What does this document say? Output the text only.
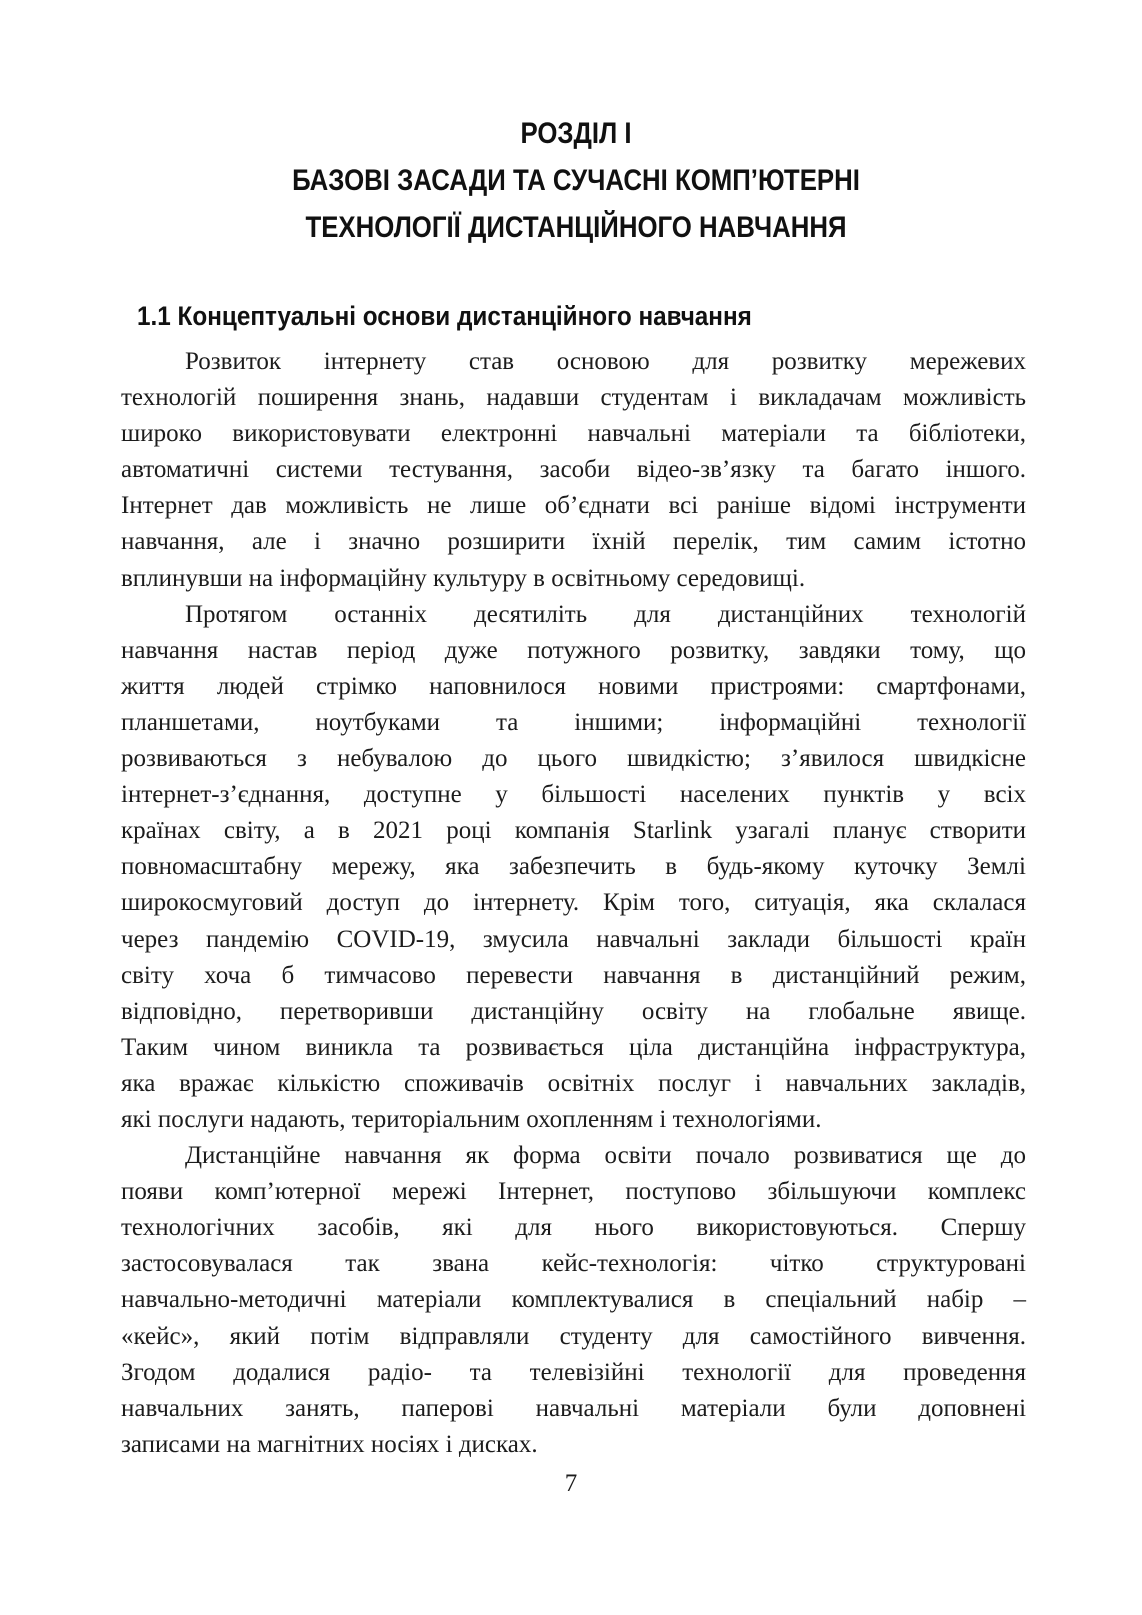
РОЗДІЛ І
БАЗОВІ ЗАСАДИ ТА СУЧАСНІ КОМП’ЮТЕРНІ
ТЕХНОЛОГІЇ ДИСТАНЦІЙНОГО НАВЧАННЯ
1.1 Концептуальні основи дистанційного навчання
Розвиток інтернету став основою для розвитку мережевих
технологій поширення знань, надавши студентам і викладачам можливість
широко використовувати електронні навчальні матеріали та бібліотеки,
автоматичні системи тестування, засоби відео-зв’язку та багато іншого.
Інтернет дав можливість не лише об’єднати всі раніше відомі інструменти
навчання, але і значно розширити їхній перелік, тим самим істотно
вплинувши на інформаційну культуру в освітньому середовищі.
Протягом останніх десятиліть для дистанційних технологій
навчання настав період дуже потужного розвитку, завдяки тому, що
життя людей стрімко наповнилося новими пристроями: смартфонами,
планшетами, ноутбуками та іншими; інформаційні технології
розвиваються з небувалою до цього швидкістю; з’явилося швидкісне
інтернет-з’єднання, доступне у більшості населених пунктів у всіх
країнах світу, а в 2021 році компанія Starlink узагалі планує створити
повномасштабну мережу, яка забезпечить в будь-якому куточку Землі
широкосмуговий доступ до інтернету. Крім того, ситуація, яка склалася
через пандемію COVID-19, змусила навчальні заклади більшості країн
світу хоча б тимчасово перевести навчання в дистанційний режим,
відповідно, перетворивши дистанційну освіту на глобальне явище.
Таким чином виникла та розвивається ціла дистанційна інфраструктура,
яка вражає кількістю споживачів освітніх послуг і навчальних закладів,
які послуги надають, територіальним охопленням і технологіями.
Дистанційне навчання як форма освіти почало розвиватися ще до
появи комп’ютерної мережі Інтернет, поступово збільшуючи комплекс
технологічних засобів, які для нього використовуються. Спершу
застосовувалася так звана кейс-технологія: чітко структуровані
навчально-методичні матеріали комплектувалися в спеціальний набір –
«кейс», який потім відправляли студенту для самостійного вивчення.
Згодом додалися радіо- та телевізійні технології для проведення
навчальних занять, паперові навчальні матеріали були доповнені
записами на магнітних носіях і дисках.
7
